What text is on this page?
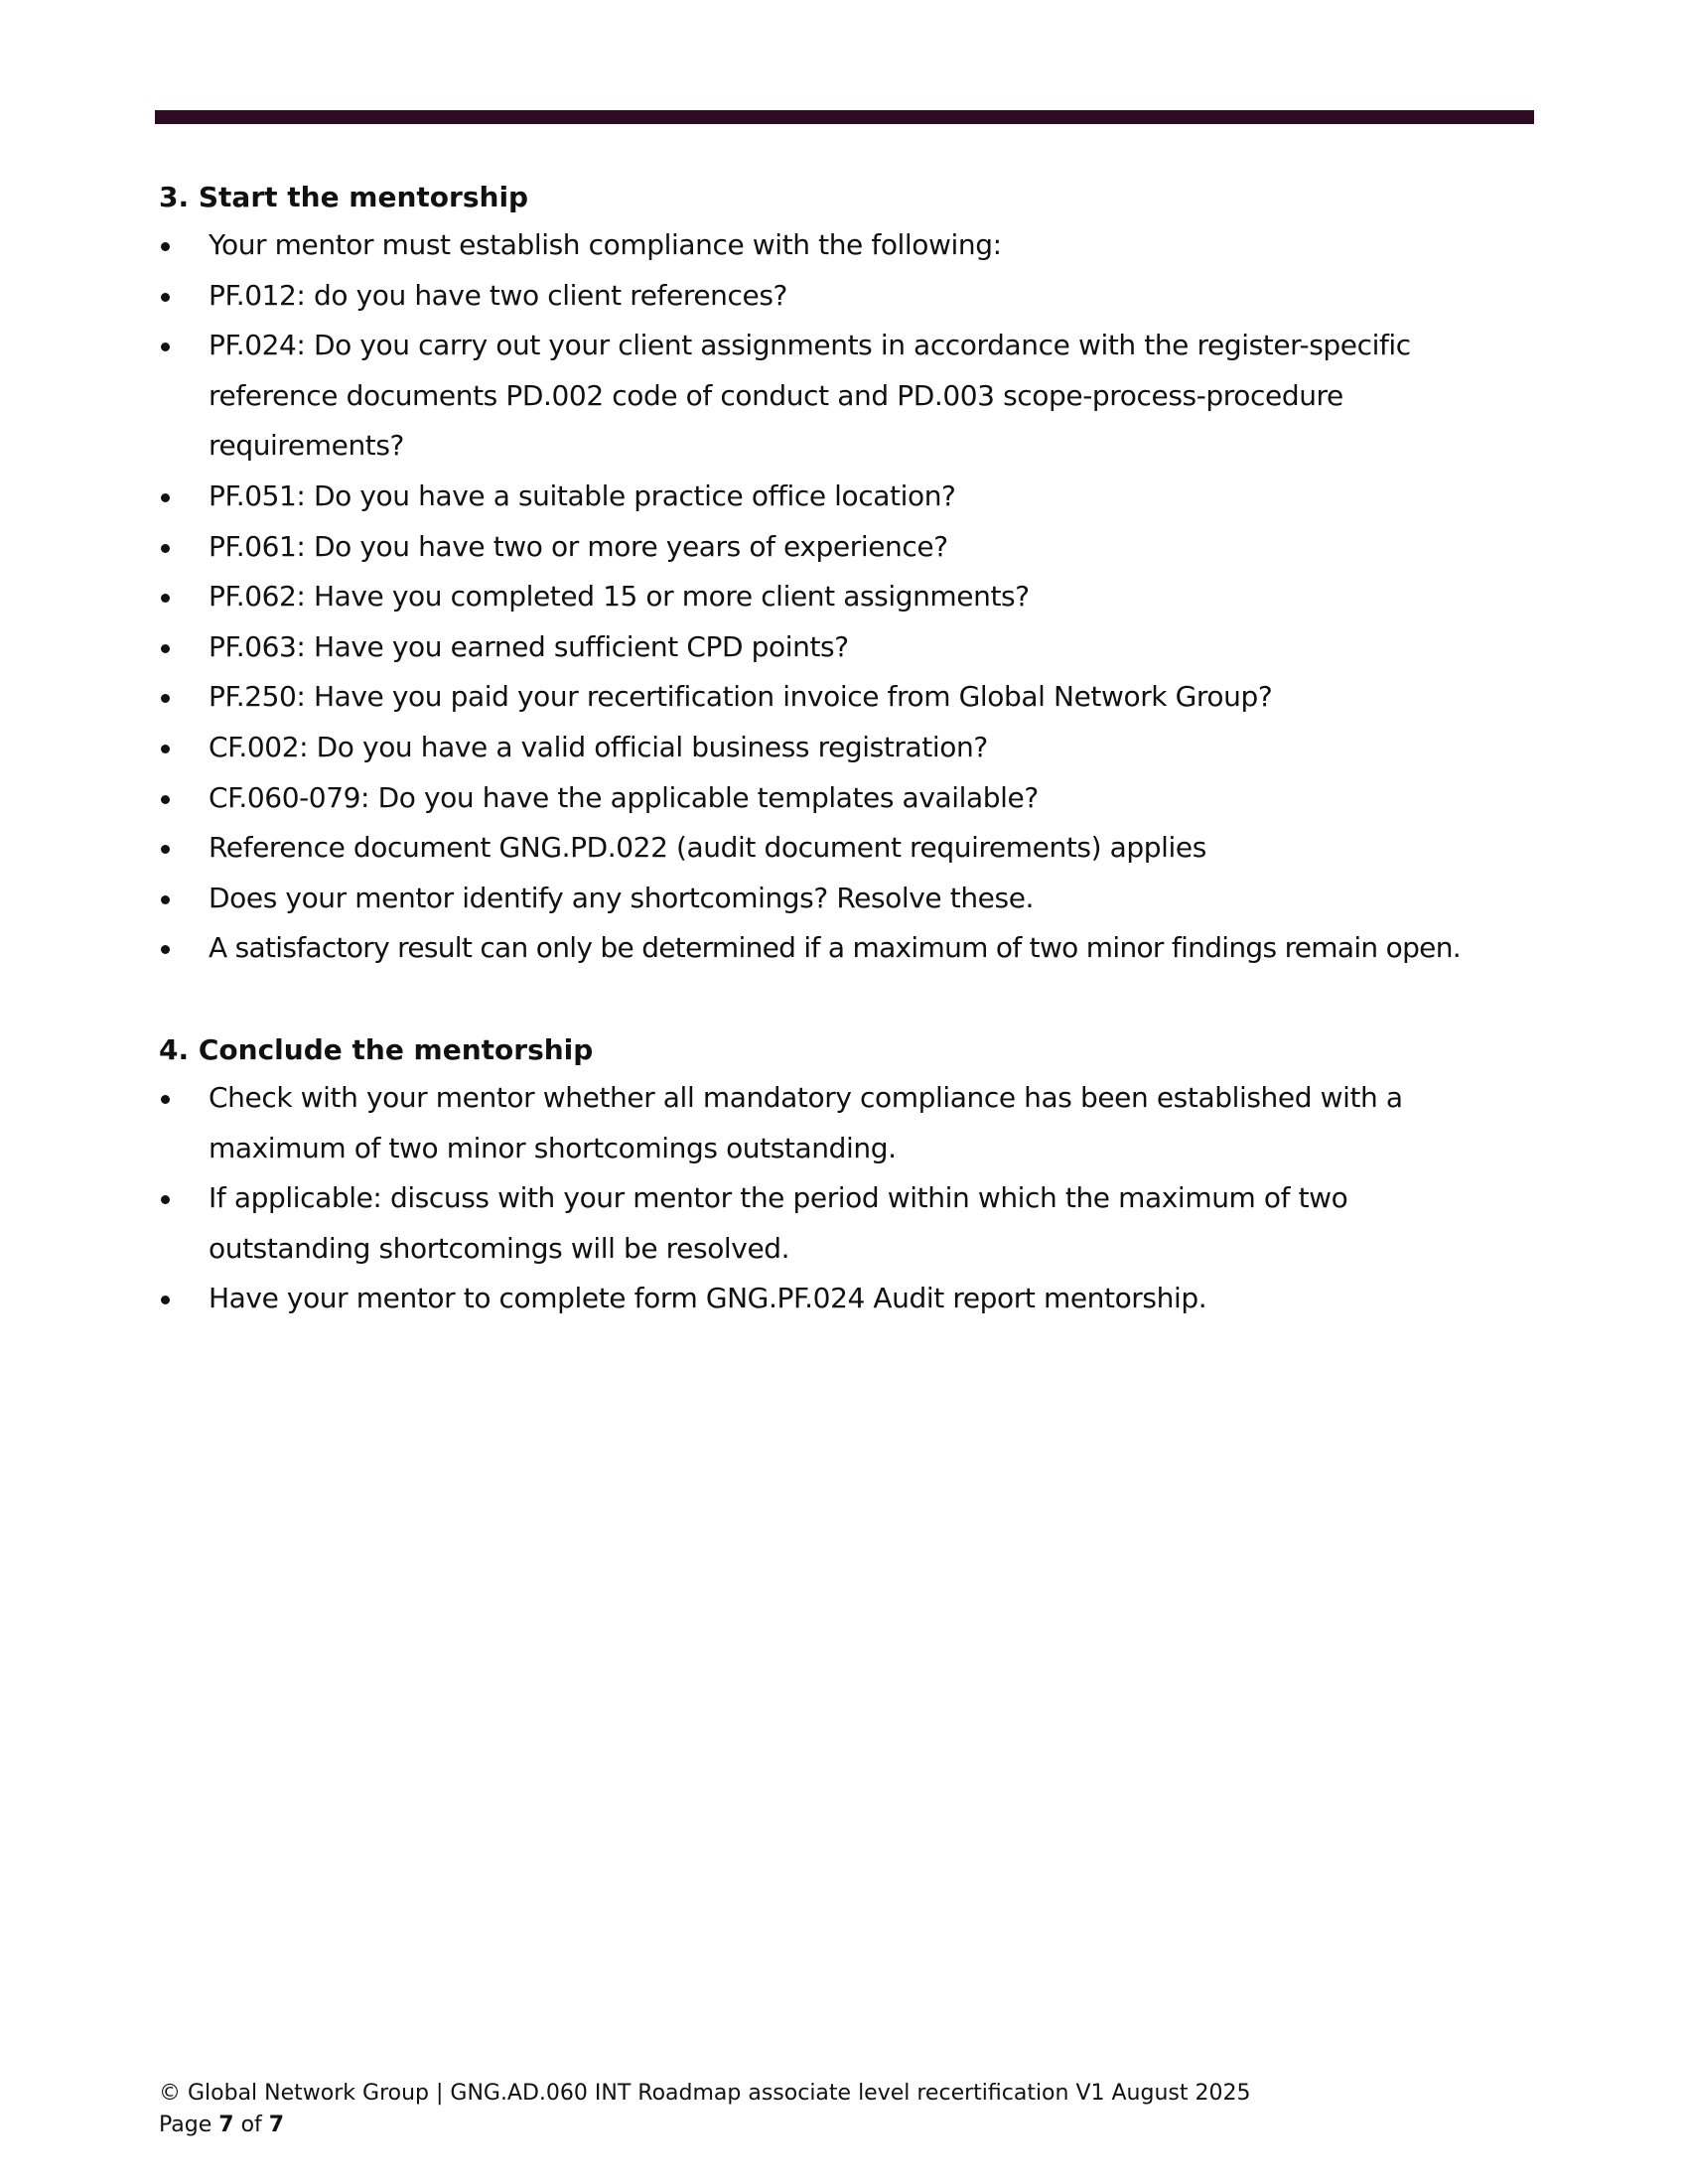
3. Start the mentorship
Your mentor must establish compliance with the following:
PF.012: do you have two client references?
PF.024: Do you carry out your client assignments in accordance with the register-specific reference documents PD.002 code of conduct and PD.003 scope-process-procedure requirements?
PF.051: Do you have a suitable practice office location?
PF.061: Do you have two or more years of experience?
PF.062: Have you completed 15 or more client assignments?
PF.063: Have you earned sufficient CPD points?
PF.250: Have you paid your recertification invoice from Global Network Group?
CF.002: Do you have a valid official business registration?
CF.060-079: Do you have the applicable templates available?
Reference document GNG.PD.022 (audit document requirements) applies
Does your mentor identify any shortcomings? Resolve these.
A satisfactory result can only be determined if a maximum of two minor findings remain open.
4. Conclude the mentorship
Check with your mentor whether all mandatory compliance has been established with a maximum of two minor shortcomings outstanding.
If applicable: discuss with your mentor the period within which the maximum of two outstanding shortcomings will be resolved.
Have your mentor to complete form GNG.PF.024 Audit report mentorship.
© Global Network Group | GNG.AD.060 INT Roadmap associate level recertification V1 August 2025
Page 7 of 7
